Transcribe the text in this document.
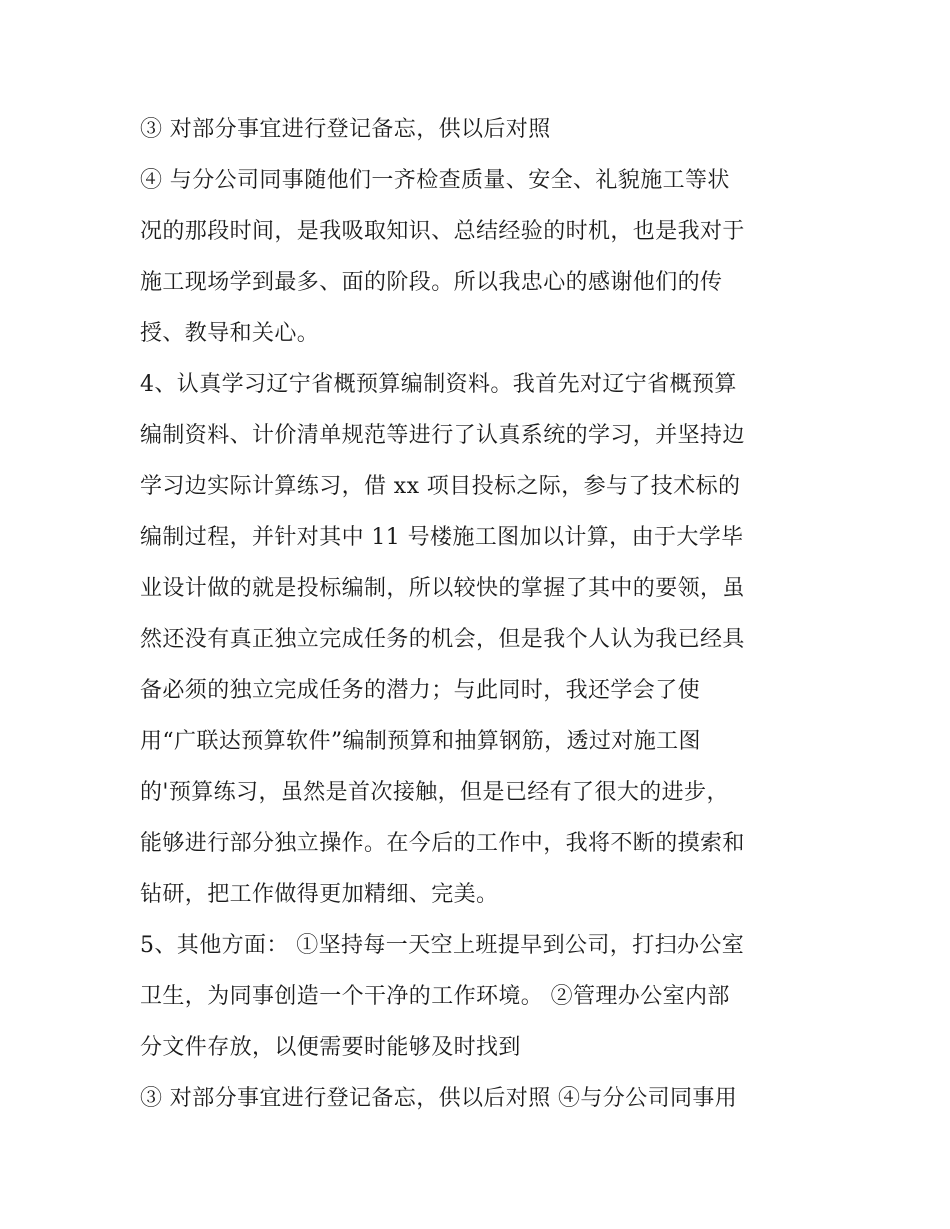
③ 对部分事宜进行登记备忘，供以后对照
④ 与分公司同事随他们一齐检查质量、安全、礼貌施工等状
况的那段时间，是我吸取知识、总结经验的时机，也是我对于
施工现场学到最多、面的阶段。所以我忠心的感谢他们的传
授、教导和关心。
4、认真学习辽宁省概预算编制资料。我首先对辽宁省概预算
编制资料、计价清单规范等进行了认真系统的学习，并坚持边
学习边实际计算练习，借 xx 项目投标之际，参与了技术标的
编制过程，并针对其中 11 号楼施工图加以计算，由于大学毕
业设计做的就是投标编制，所以较快的掌握了其中的要领，虽
然还没有真正独立完成任务的机会，但是我个人认为我已经具
备必须的独立完成任务的潜力；与此同时，我还学会了使
用“广联达预算软件”编制预算和抽算钢筋，透过对施工图
的'预算练习，虽然是首次接触，但是已经有了很大的进步，
能够进行部分独立操作。在今后的工作中，我将不断的摸索和
钻研，把工作做得更加精细、完美。
5、其他方面： ①坚持每一天空上班提早到公司，打扫办公室
卫生，为同事创造一个干净的工作环境。 ②管理办公室内部
分文件存放，以便需要时能够及时找到
③ 对部分事宜进行登记备忘，供以后对照 ④与分公司同事用
